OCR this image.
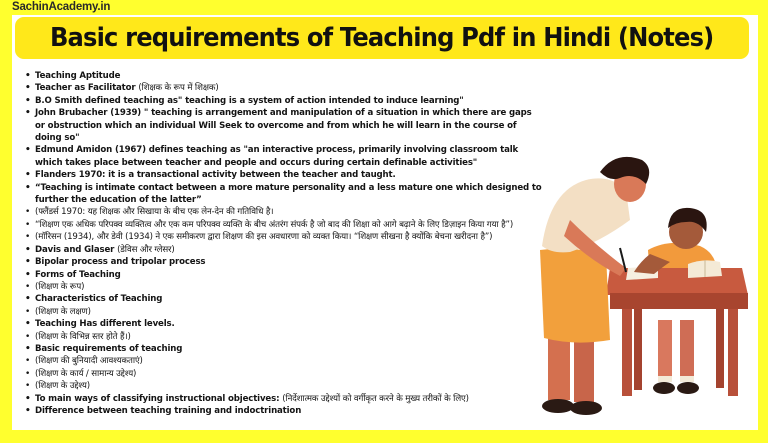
SachinAcademy.in
Basic requirements of Teaching Pdf in Hindi (Notes)
• Teaching Aptitude
• Teacher as Facilitator (शिक्षक के रूप में शिक्षक)
• B.O Smith defined teaching as" teaching is a system of action intended to induce learning"
• John Brubacher (1939) " teaching is arrangement and manipulation of a situation in which there are gaps or obstruction which an individual Will Seek to overcome and from which he will learn in the course of doing so"
• Edmund Amidon (1967) defines teaching as "an interactive process, primarily involving classroom talk which takes place between teacher and people and occurs during certain definable activities"
• Flanders 1970: it is a transactional activity between the teacher and taught.
• “Teaching is intimate contact between a more mature personality and a less mature one which designed to further the education of the latter”
• (फ्लैंडर्स 1970: यह शिक्षक और सिखाया के बीच एक लेन-देन की गतिविधि है।
• “शिक्षण एक अधिक परिपक्व व्यक्तित्व और एक कम परिपक्व व्यक्ति के बीच अंतरंग संपर्क है जो बाद की शिक्षा को आगे बढ़ाने के लिए डिज़ाइन किया गया है”)
• (मॉरिसन (1934), और डेवी (1934) ने एक समीकरण द्वारा शिक्षण की इस अवधारणा को व्यक्त किया। “शिक्षण सीखना है क्योंकि बेचना खरीदना है”)
• Davis and Glaser (डेविस और ग्लेसर)
• Bipolar process and tripolar process
• Forms of Teaching
• (शिक्षण के रूप)
• Characteristics of Teaching
• (शिक्षण के लक्षण)
• Teaching Has different levels.
• (शिक्षण के विभिन्न स्तर होते हैं।)
• Basic requirements of teaching
• (शिक्षण की बुनियादी आवश्यकताएं)
• (शिक्षण के कार्य / सामान्य उद्देश्य)
• (शिक्षण के उद्देश्य)
• To main ways of classifying instructional objectives: (निर्देशात्मक उद्देश्यों को वर्गीकृत करने के मुख्य तरीकों के लिए)
• Difference between teaching training and indoctrination
